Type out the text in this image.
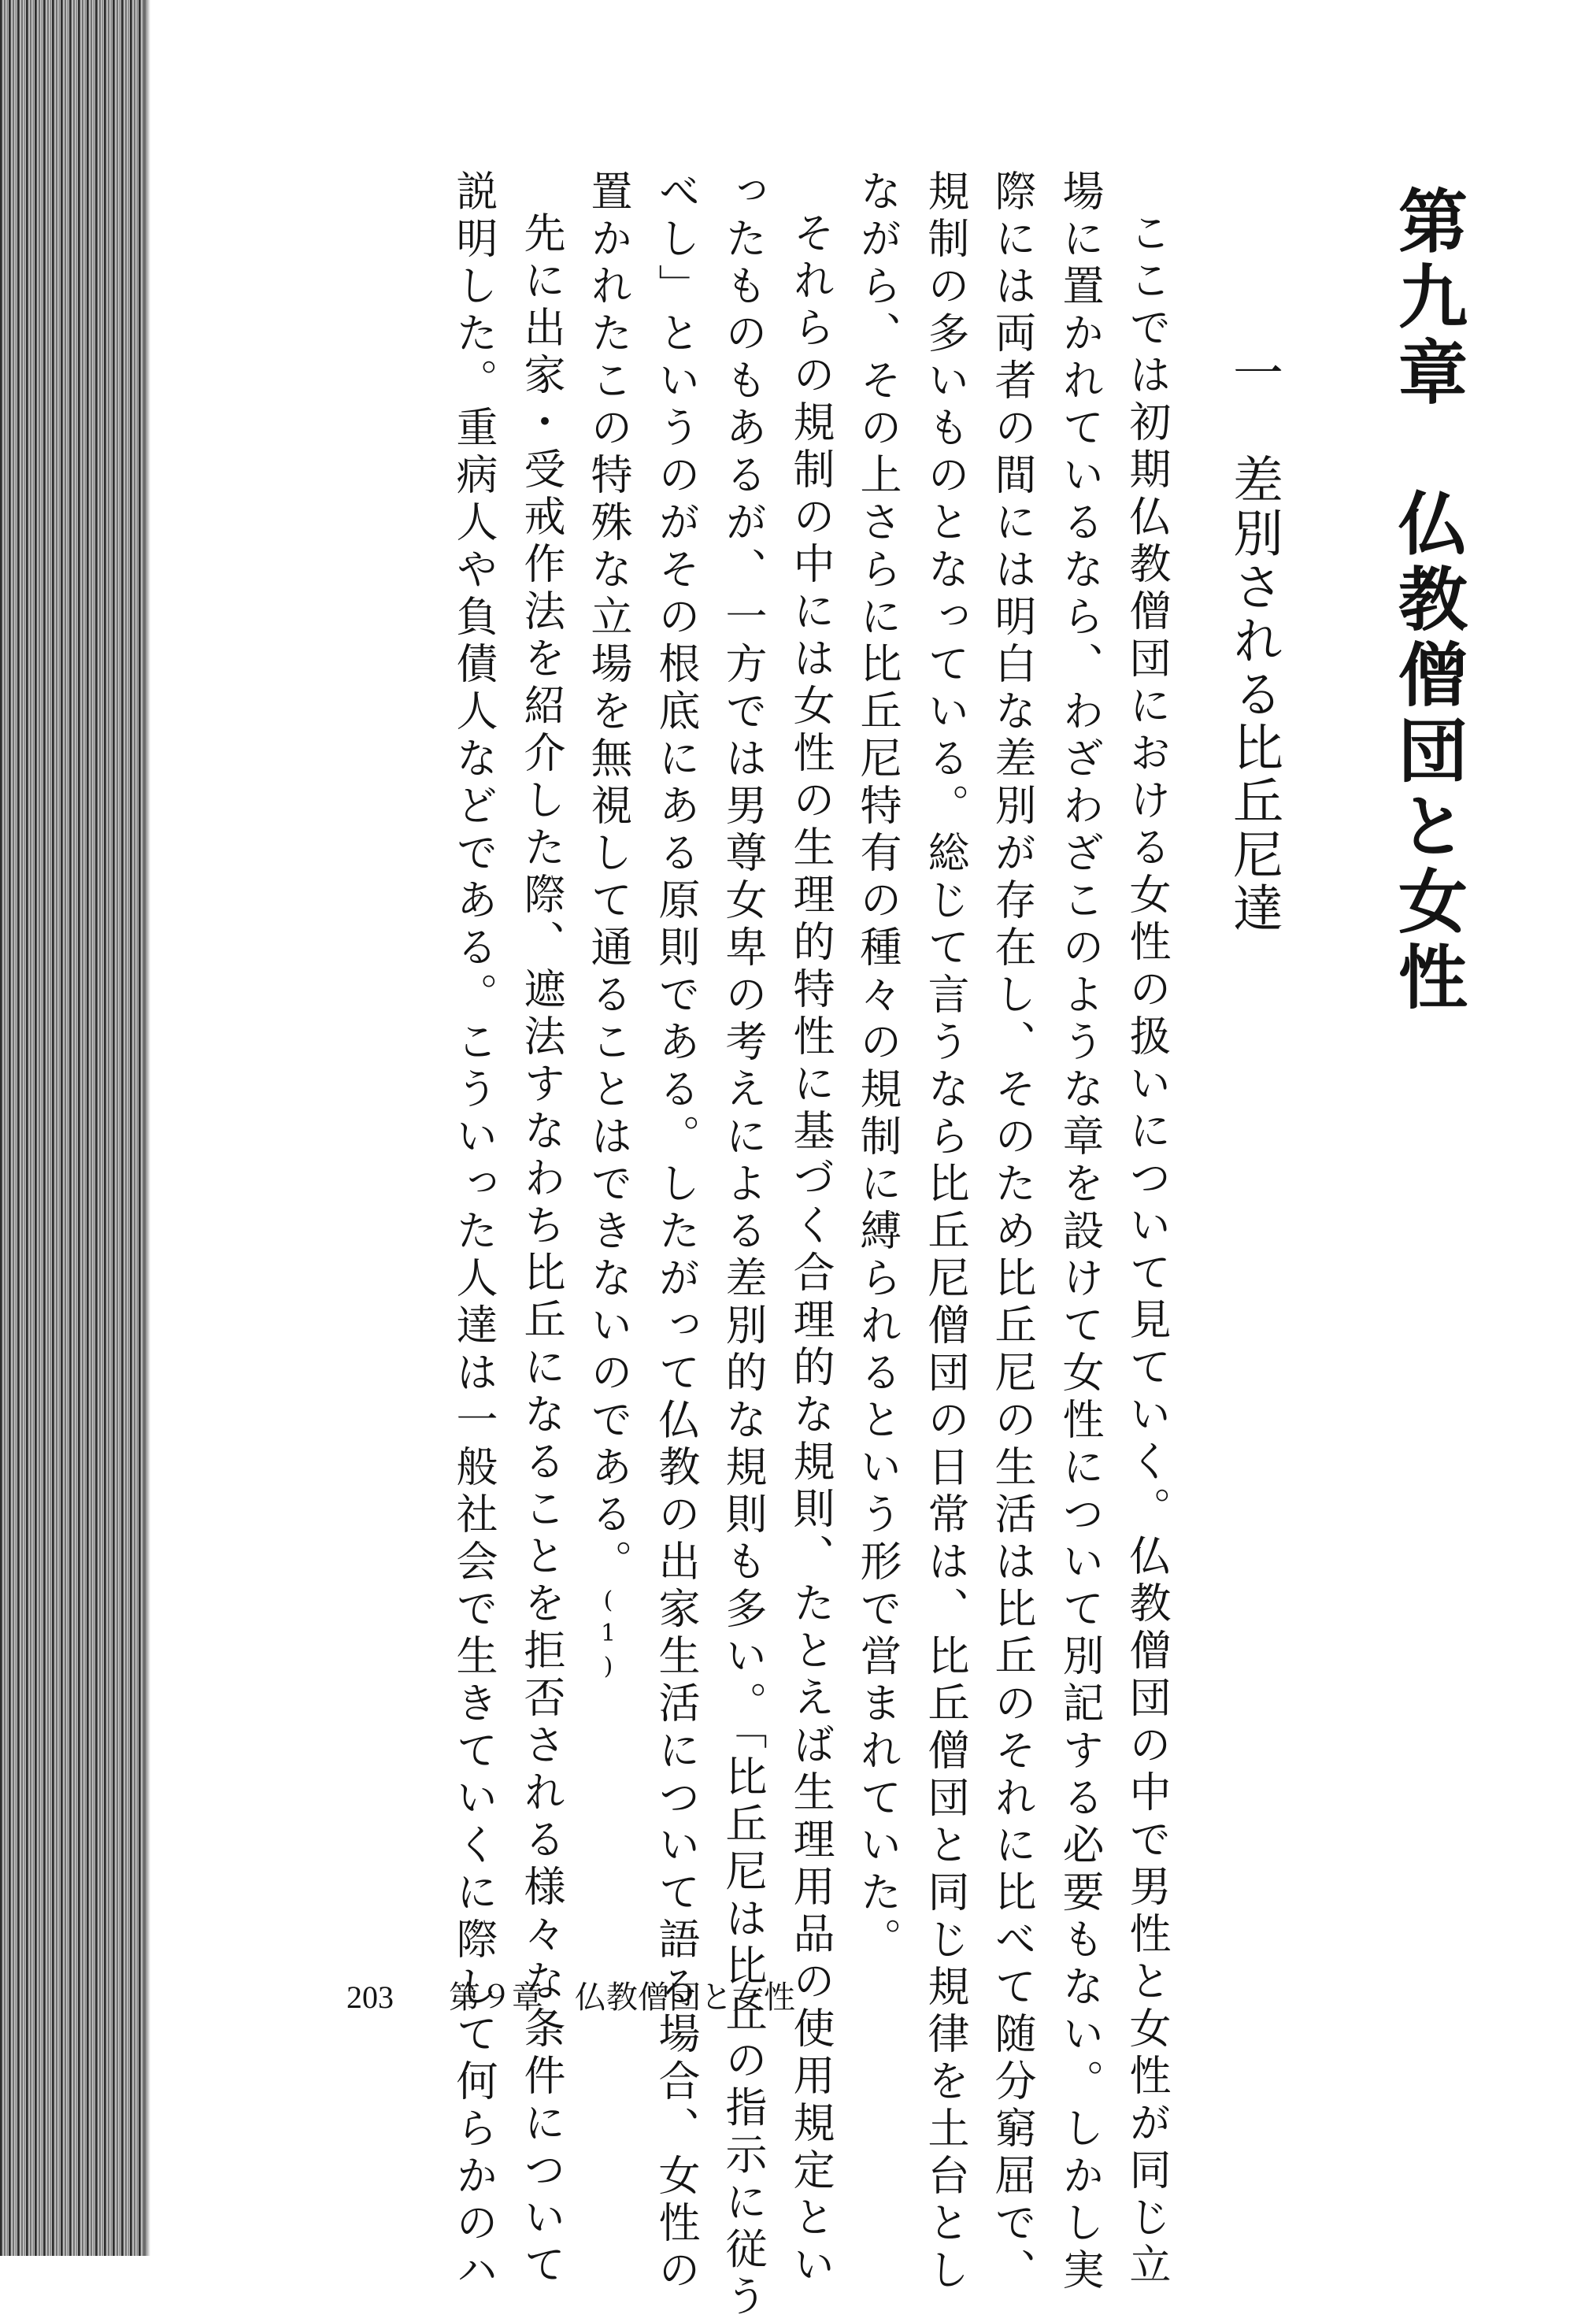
第九章　仏教僧団と女性
一　差別される比丘尼達
ここでは初期仏教僧団における女性の扱いについて見ていく。仏教僧団の中で男性と女性が同じ立
場に置かれているなら、わざわざこのような章を設けて女性について別記する必要もない。しかし実
際には両者の間には明白な差別が存在し、そのため比丘尼の生活は比丘のそれに比べて随分窮屈で、
規制の多いものとなっている。総じて言うなら比丘尼僧団の日常は、比丘僧団と同じ規律を土台とし
ながら、その上さらに比丘尼特有の種々の規制に縛られるという形で営まれていた。
それらの規制の中には女性の生理的特性に基づく合理的な規則、たとえば生理用品の使用規定とい
ったものもあるが、一方では男尊女卑の考えによる差別的な規則も多い。「比丘尼は比丘の指示に従う
べし」というのがその根底にある原則である。したがって仏教の出家生活について語る場合、女性の
置かれたこの特殊な立場を無視して通ることはできないのである。(1)
先に出家・受戒作法を紹介した際、遮法すなわち比丘になることを拒否される様々な条件について
説明した。重病人や負債人などである。こういった人達は一般社会で生きていくに際して何らかのハ
203 第９章　仏教僧団と女性
